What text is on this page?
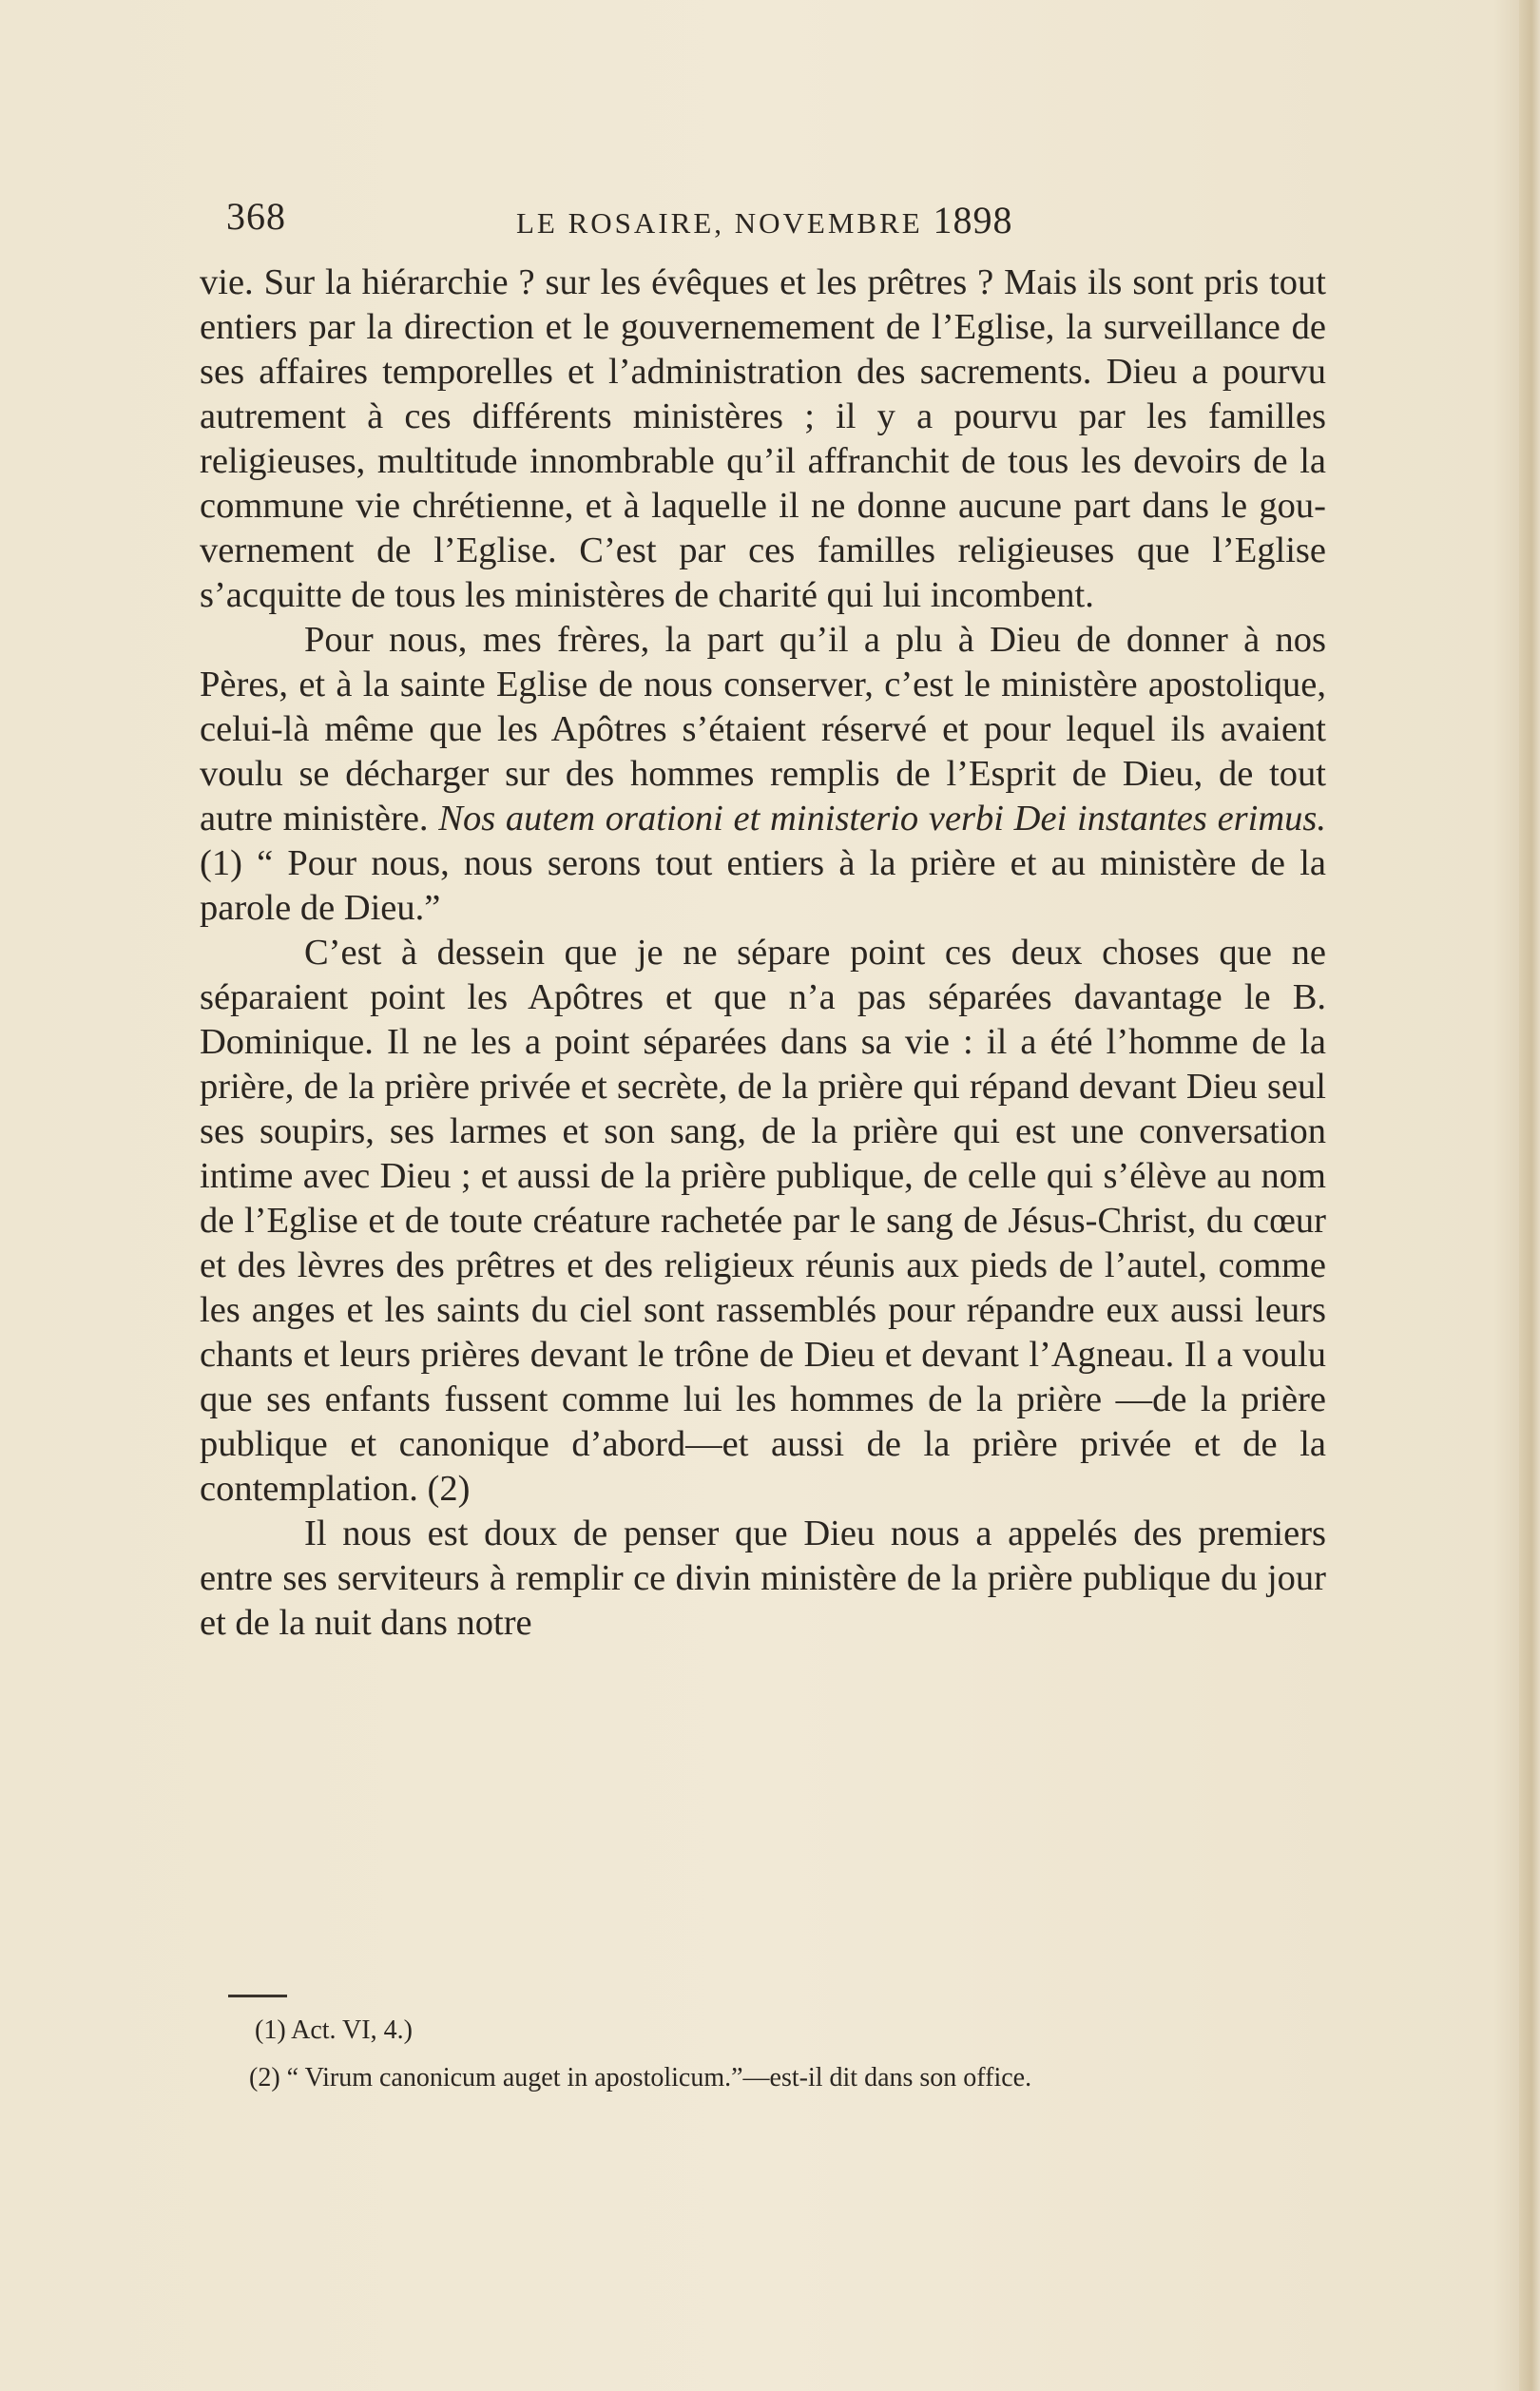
368	LE ROSAIRE, NOVEMBRE 1898

vie. Sur la hiérarchie ? sur les évêques et les prêtres ? Mais ils sont pris tout entiers par la direction et le gouvernemement de l’Eglise, la surveillance de ses affaires temporelles et l’administration des sacrements. Dieu a pourvu autrement à ces différents ministères ; il y a pourvu par les familles religieuses, multitude innombrable qu’il affranchit de tous les devoirs de la commune vie chrétienne, et à laquelle il ne donne aucune part dans le gouvernement de l’Eglise. C’est par ces familles religieuses que l’Eglise s’acquitte de tous les ministères de charité qui lui incombent.

Pour nous, mes frères, la part qu’il a plu à Dieu de donner à nos Pères, et à la sainte Eglise de nous conserver, c’est le ministère apostolique, celui-là même que les Apôtres s’étaient réservé et pour lequel ils avaient voulu se décharger sur des hommes remplis de l’Esprit de Dieu, de tout autre ministère. Nos autem orationi et ministerio verbi Dei instantes erimus. (1) “ Pour nous, nous serons tout entiers à la prière et au ministère de la parole de Dieu.”

C’est à dessein que je ne sépare point ces deux choses que ne séparaient point les Apôtres et que n’a pas séparées davantage le B. Dominique. Il ne les a point séparées dans sa vie : il a été l’homme de la prière, de la prière privée et secrète, de la prière qui répand devant Dieu seul ses soupirs, ses larmes et son sang, de la prière qui est une conversation intime avec Dieu ; et aussi de la prière publique, de celle qui s’élève au nom de l’Eglise et de toute créature rachetée par le sang de Jésus-Christ, du cœur et des lèvres des prêtres et des religieux réunis aux pieds de l’autel, comme les anges et les saints du ciel sont rassemblés pour répandre eux aussi leurs chants et leurs prières devant le trône de Dieu et devant l’Agneau. Il a voulu que ses enfants fussent comme lui les hommes de la prière —de la prière publique et canonique d’abord—et aussi de la prière privée et de la contemplation. (2)

Il nous est doux de penser que Dieu nous a appelés des premiers entre ses serviteurs à remplir ce divin ministère de la prière publique du jour et de la nuit dans notre

(1) Act. VI, 4.)

(2) “ Virum canonicum auget in apostolicum.”—est-il dit dans son office.
